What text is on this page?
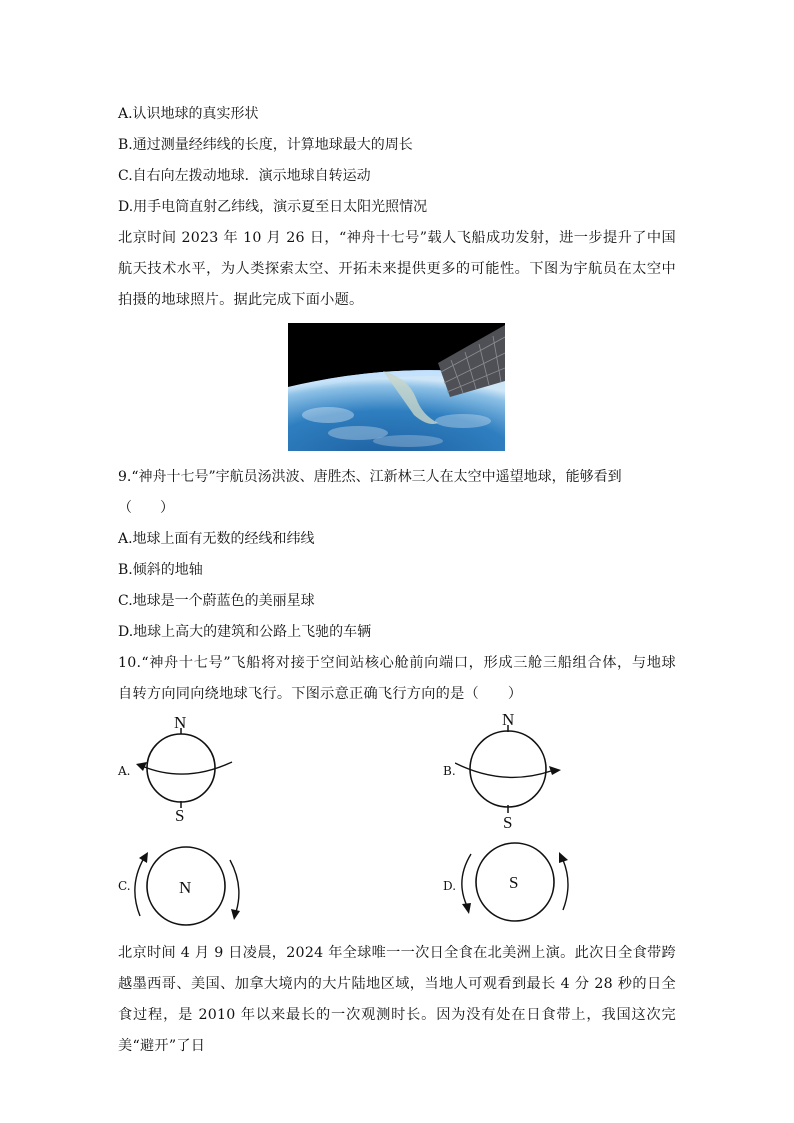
A.认识地球的真实形状
B.通过测量经纬线的长度，计算地球最大的周长
C.自右向左拨动地球．演示地球自转运动
D.用手电筒直射乙纬线，演示夏至日太阳光照情况
北京时间 2023 年 10 月 26 日，“神舟十七号”载人飞船成功发射，进一步提升了中国航天技术水平，为人类探索太空、开拓未来提供更多的可能性。下图为宇航员在太空中拍摄的地球照片。据此完成下面小题。
9.“神舟十七号”宇航员汤洪波、唐胜杰、江新林三人在太空中遥望地球，能够看到
（　　）
A.地球上面有无数的经线和纬线
B.倾斜的地轴
C.地球是一个蔚蓝色的美丽星球
D.地球上高大的建筑和公路上飞驰的车辆
10.“神舟十七号”飞船将对接于空间站核心舱前向端口，形成三舱三船组合体，与地球自转方向同向绕地球飞行。下图示意正确飞行方向的是（　　）
A.
N
S
B.
N
S
C.	N	D.	S
北京时间 4 月 9 日凌晨，2024 年全球唯一一次日全食在北美洲上演。此次日全食带跨越墨西哥、美国、加拿大境内的大片陆地区域，当地人可观看到最长 4 分 28 秒的日全食过程，是 2010 年以来最长的一次观测时长。因为没有处在日食带上，我国这次完美“避开”了日
